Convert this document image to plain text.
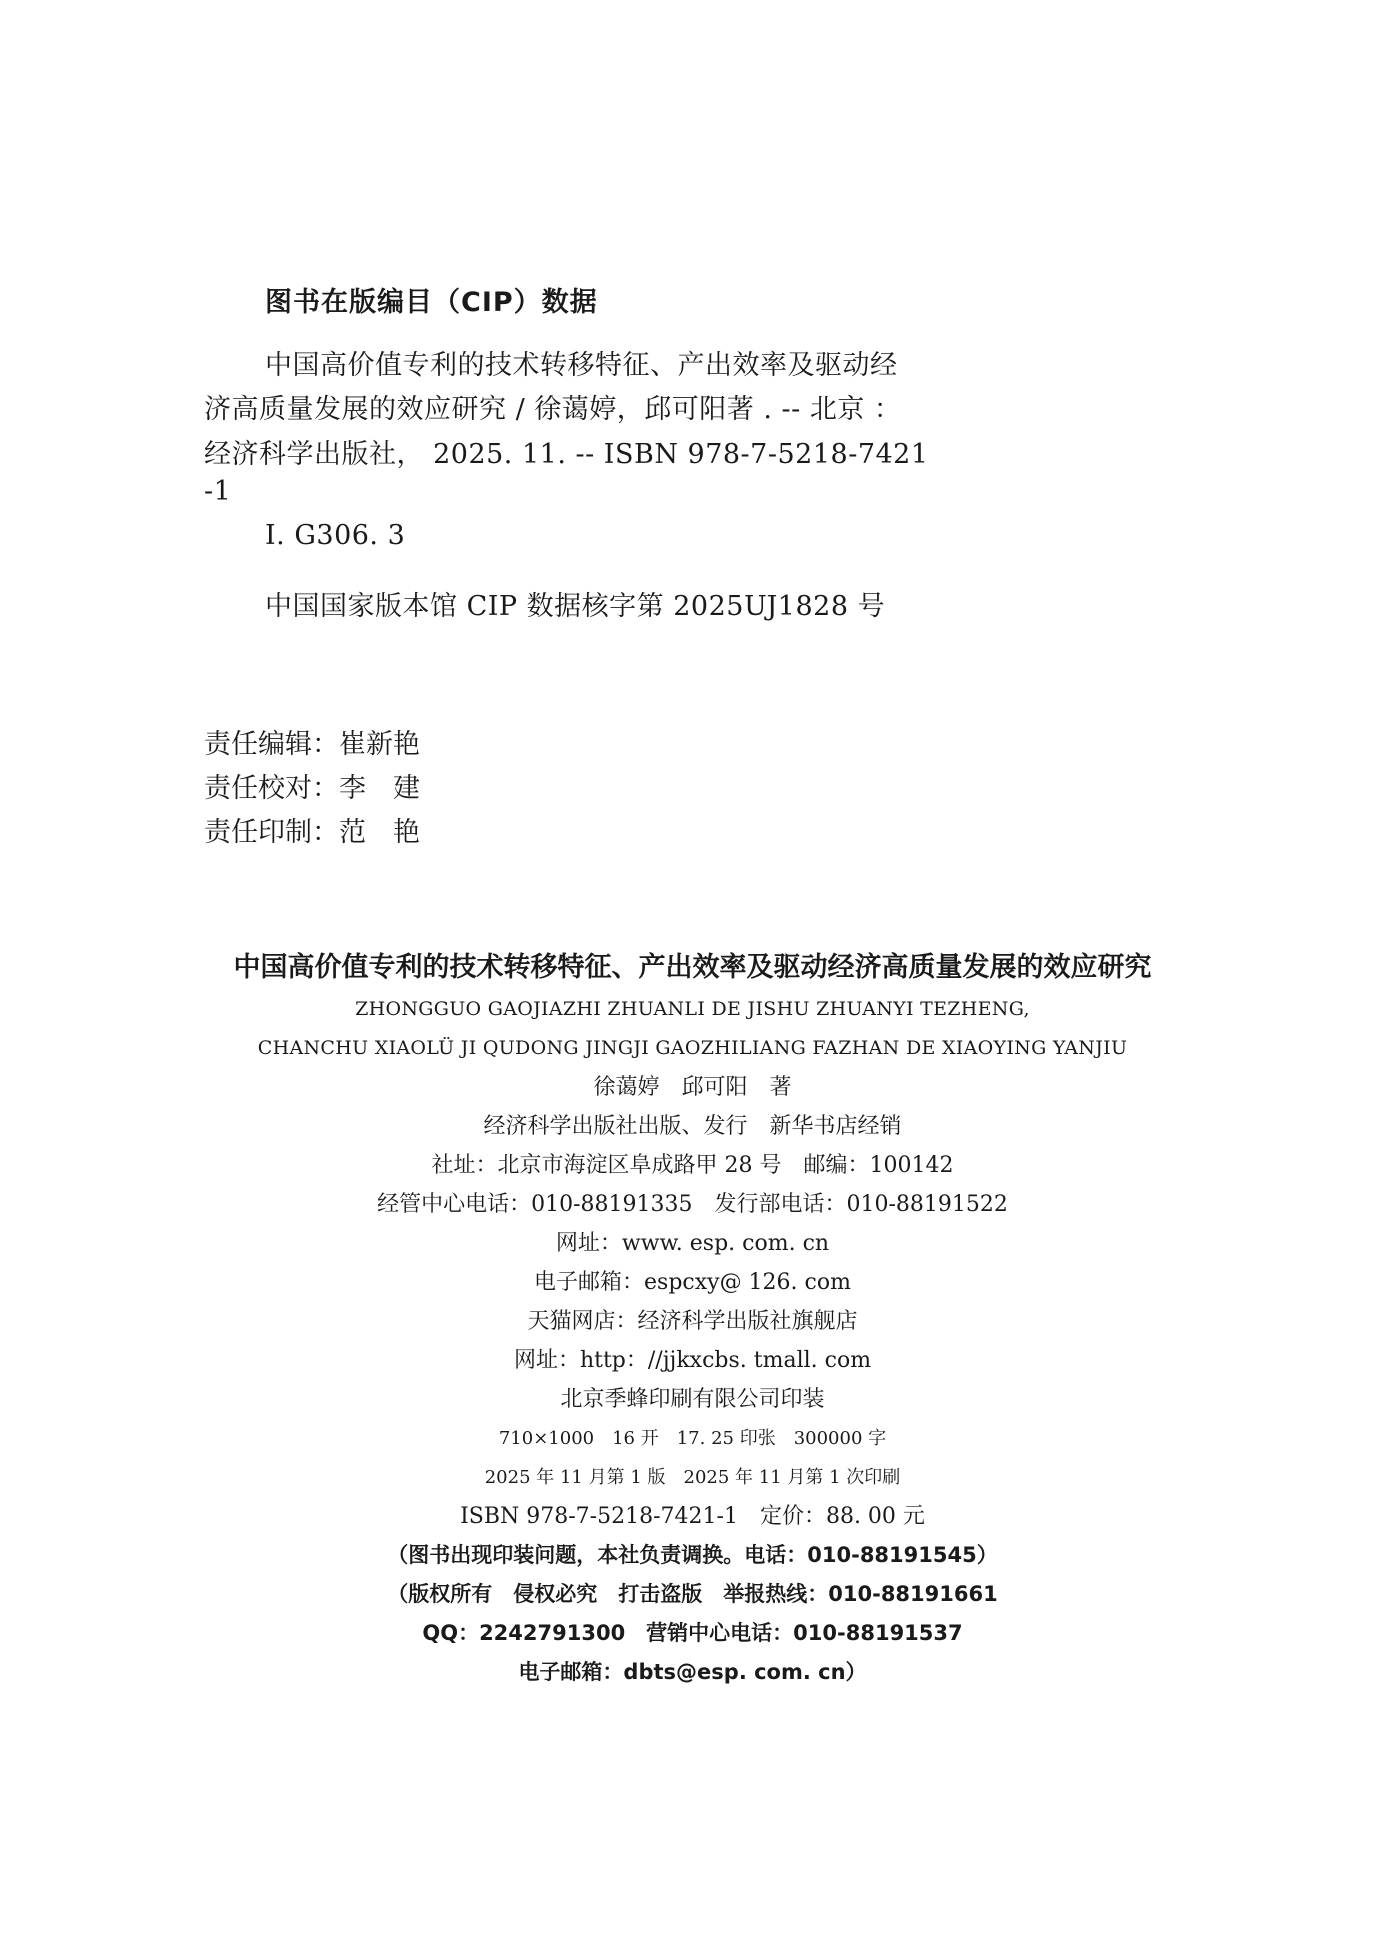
图书在版编目（CIP）数据
中国高价值专利的技术转移特征、产出效率及驱动经
济高质量发展的效应研究 / 徐蔼婷，邱可阳著 . -- 北京 ：
经济科学出版社， 2025. 11. -- ISBN 978-7-5218-7421
-1
Ⅰ. G306. 3
中国国家版本馆 CIP 数据核字第 2025UJ1828 号
责任编辑：崔新艳
责任校对：李　建
责任印制：范　艳
中国高价值专利的技术转移特征、产出效率及驱动经济高质量发展的效应研究
ZHONGGUO GAOJIAZHI ZHUANLI DE JISHU ZHUANYI TEZHENG,
CHANCHU XIAOLÜ JI QUDONG JINGJI GAOZHILIANG FAZHAN DE XIAOYING YANJIU
徐蔼婷　邱可阳　著
经济科学出版社出版、发行　新华书店经销
社址：北京市海淀区阜成路甲 28 号　邮编：100142
经管中心电话：010-88191335　发行部电话：010-88191522
网址：www. esp. com. cn
电子邮箱：espcxy@ 126. com
天猫网店：经济科学出版社旗舰店
网址：http：//jjkxcbs. tmall. com
北京季蜂印刷有限公司印装
710×1000　16 开　17. 25 印张　300000 字
2025 年 11 月第 1 版　2025 年 11 月第 1 次印刷
ISBN 978-7-5218-7421-1　定价：88. 00 元
（图书出现印装问题，本社负责调换。电话：010-88191545）
（版权所有　侵权必究　打击盗版　举报热线：010-88191661
QQ：2242791300　营销中心电话：010-88191537
电子邮箱：dbts@esp. com. cn）
